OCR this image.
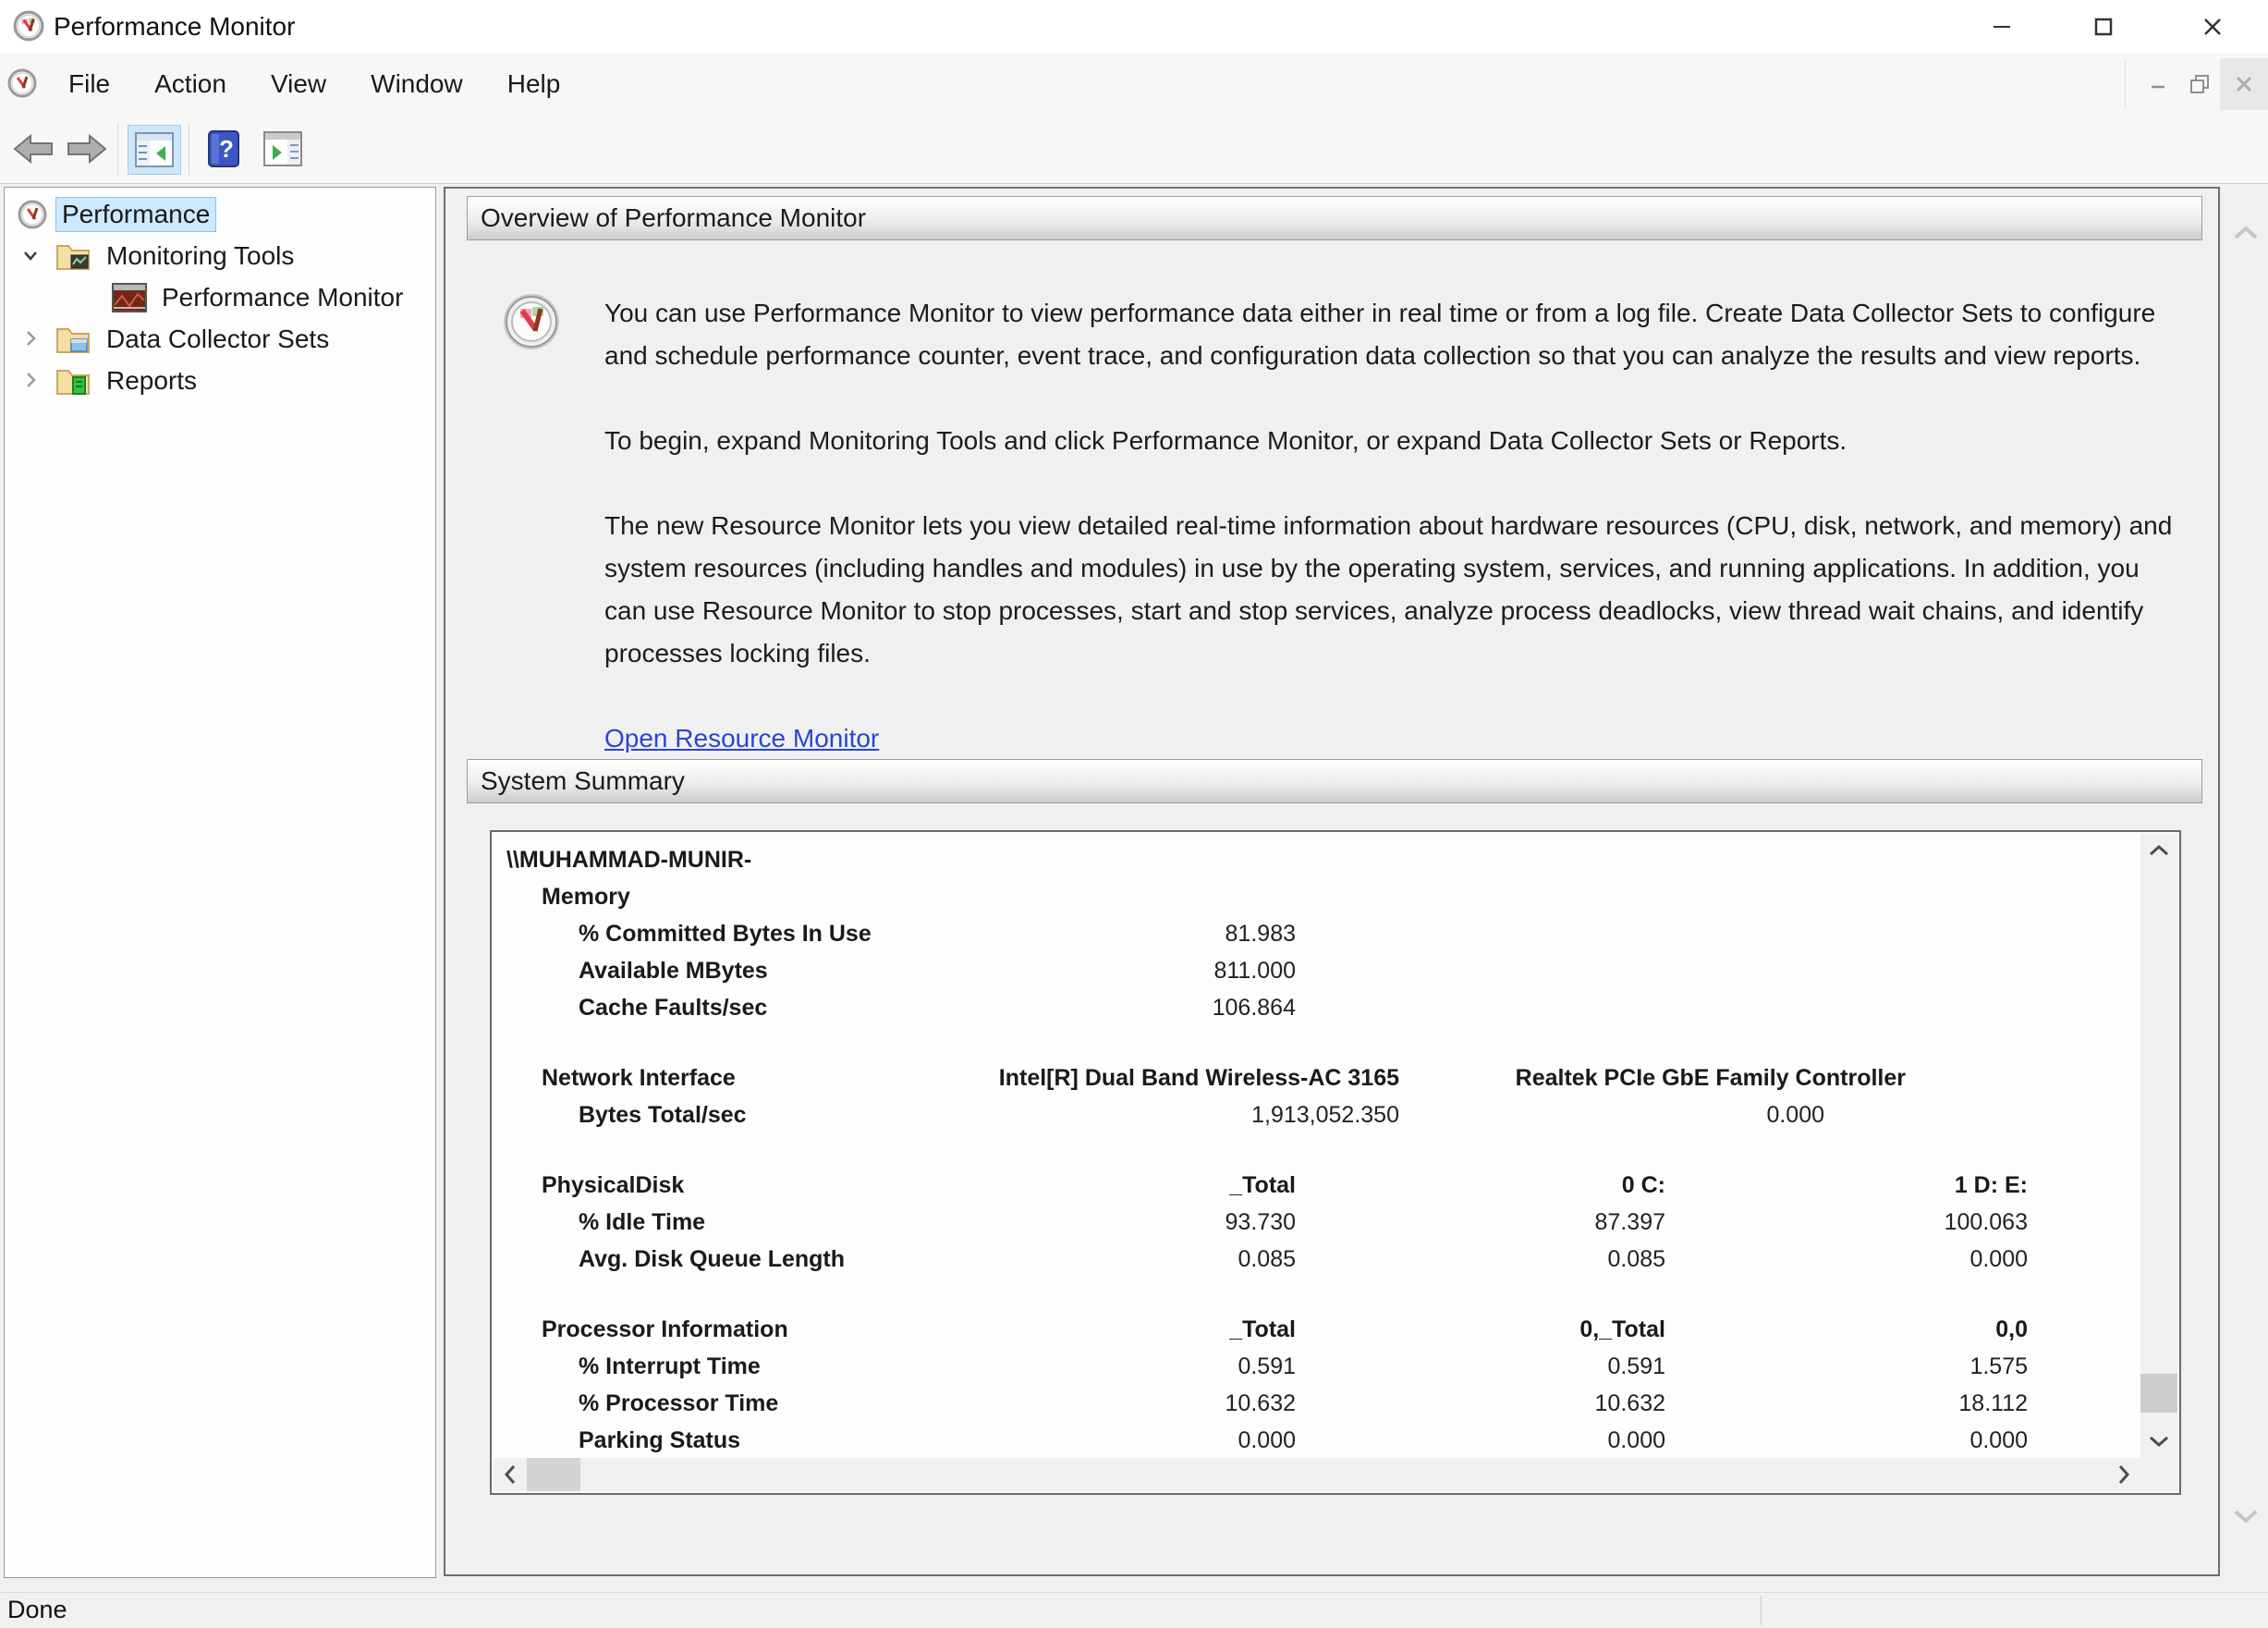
Performance Monitor
File	Action	View	Window	Help
?
Performance
Monitoring Tools
Performance Monitor
Data Collector Sets
Reports
Overview of Performance Monitor

You can use Performance Monitor to view performance data either in real time or from a log file. Create Data Collector Sets to configure and schedule performance counter, event trace, and configuration data collection so that you can analyze the results and view reports.

To begin, expand Monitoring Tools and click Performance Monitor, or expand Data Collector Sets or Reports.

The new Resource Monitor lets you view detailed real-time information about hardware resources (CPU, disk, network, and memory) and system resources (including handles and modules) in use by the operating system, services, and running applications. In addition, you can use Resource Monitor to stop processes, start and stop services, analyze process deadlocks, view thread wait chains, and identify processes locking files.

Open Resource Monitor
System Summary
\\MUHAMMAD-MUNIR-
Memory
% Committed Bytes In Use	81.983
Available MBytes	811.000
Cache Faults/sec	106.864
Network Interface	Intel[R] Dual Band Wireless-AC 3165	Realtek PCIe GbE Family Controller
Bytes Total/sec	1,913,052.350	0.000
PhysicalDisk	_Total	0 C:	1 D: E:
% Idle Time	93.730	87.397	100.063
Avg. Disk Queue Length	0.085	0.085	0.000
Processor Information	_Total	0,_Total	0,0
% Interrupt Time	0.591	0.591	1.575
% Processor Time	10.632	10.632	18.112
Parking Status	0.000	0.000	0.000
Done
